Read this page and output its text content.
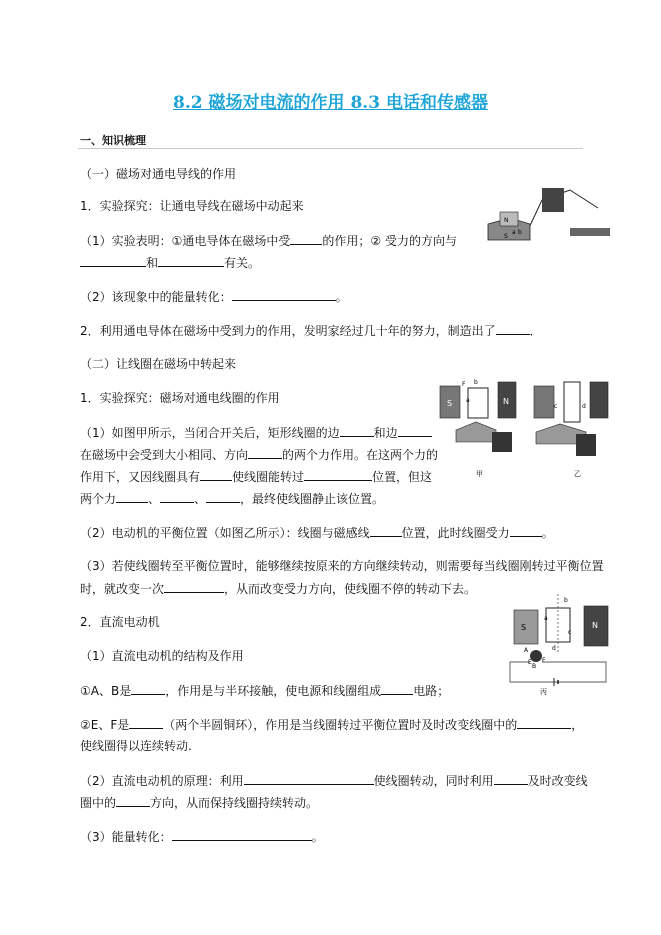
8.2 磁场对电流的作用 8.3 电话和传感器
一、知识梳理
（一）磁场对通电导线的作用
1．实验探究：让通电导线在磁场中动起来
（1）实验表明：①通电导体在磁场中受	的作用；② 受力的方向与
和	有关。
（2）该现象中的能量转化：	。
2．利用通电导体在磁场中受到力的作用，发明家经过几十年的努力，制造出了	．
（二）让线圈在磁场中转起来
1．实验探究：磁场对通电线圈的作用
（1）如图甲所示，当闭合开关后，矩形线圈的边	和边
在磁场中会受到大小相同、方向	的两个力作用。在这两个力的
作用下，又因线圈具有	使线圈能转过	位置，但这
两个力	、	、	，最终使线圈静止该位置。
（2）电动机的平衡位置（如图乙所示）：线圈与磁感线	位置，此时线圈受力	。
（3）若使线圈转至平衡位置时，能够继续按原来的方向继续转动，则需要每当线圈刚转过平衡位置
时，就改变一次	，从而改变受力方向，使线圈不停的转动下去。
2．直流电动机
（1）直流电动机的结构及作用
①A、B是	，作用是与半环接触，使电源和线圈组成	电路；
②E、F是	（两个半圆铜环），作用是当线圈转过平衡位置时及时改变线圈中的	，
使线圈得以连续转动.
（2）直流电动机的原理：利用	使线圈转动，同时利用	及时改变线
圈中的	方向，从而保持线圈持续转动。
（3）能量转化：	。
N
S
a b
S	N
F b
a
甲
c	d
乙
S	N
a
b
c
d
A
B
E F
丙
